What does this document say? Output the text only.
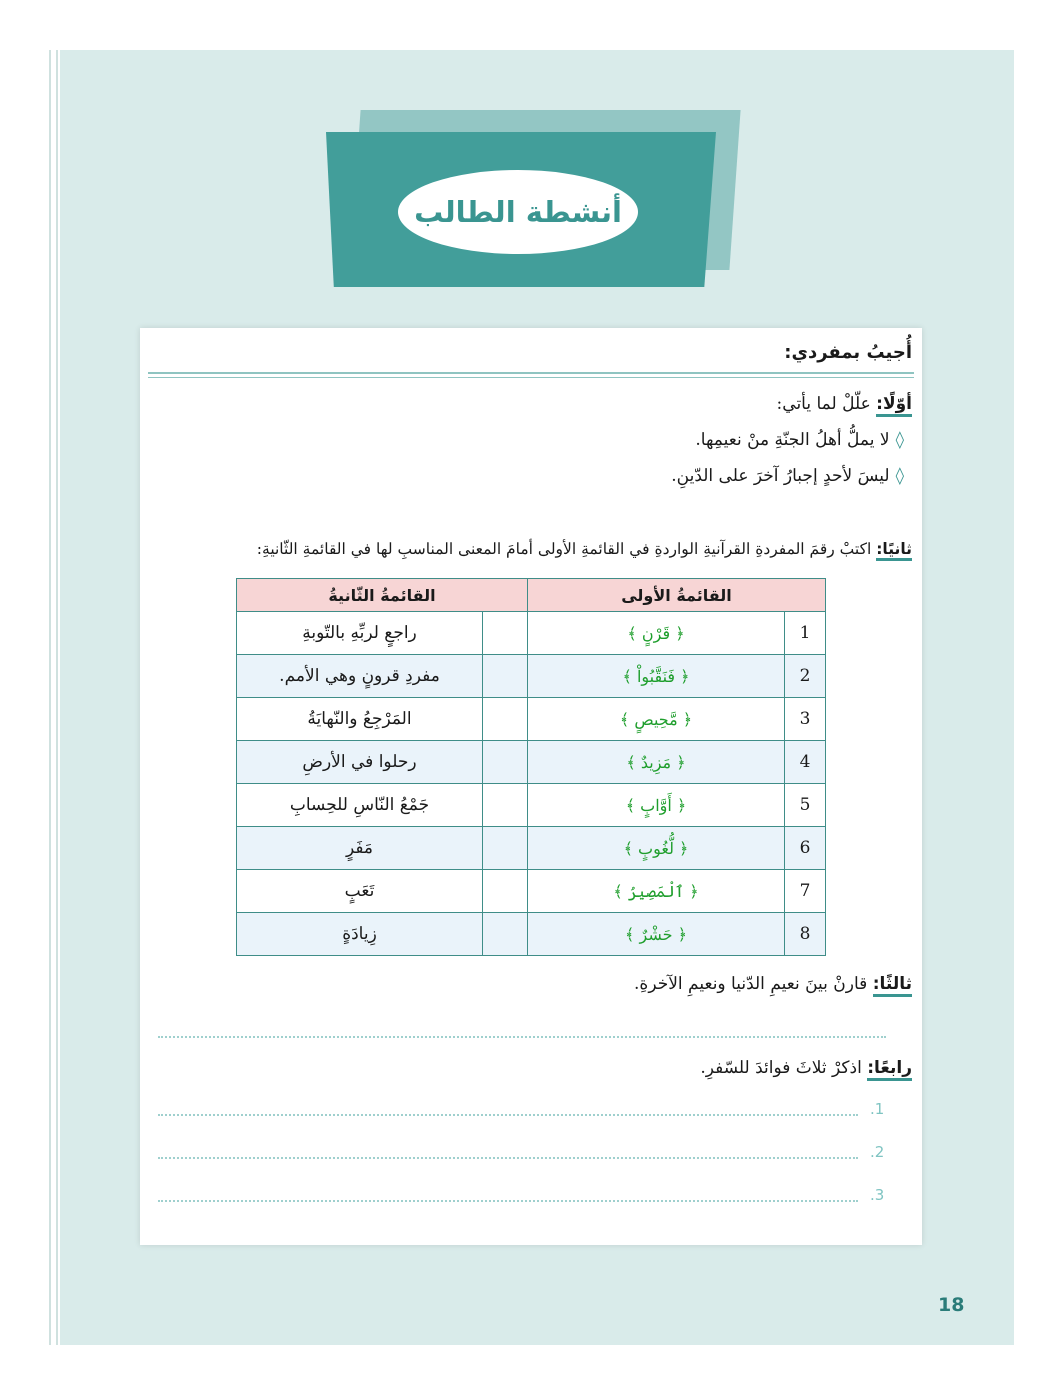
أنشطة الطالب
أُجيبُ بمفردي:
أوّلًا: علّلْ لما يأتي:
◊لا يملُّ أهلُ الجنّةِ منْ نعيمِها.
◊ليسَ لأحدٍ إجبارُ آخرَ على الدّينِ.
ثانيًا: اكتبْ رقمَ المفردةِ القرآنيةِ الواردةِ في القائمةِ الأولى أمامَ المعنى المناسبِ لها في القائمةِ الثّانيةِ:
القائمةُ الأولى		القائمةُ الثّانيةُ	
1	﴿ قَرْنٍ ﴾		راجعٍ لربِّهِ بالتّوبةِ
2	﴿ فَنَقَّبُواْ ﴾		مفردِ قرونٍ وهي الأمم.
3	﴿ مَّحِيصٍ ﴾		المَرْجِعُ والنّهايَةُ
4	﴿ مَزِيدٌ ﴾		رحلوا في الأرضِ
5	﴿ أَوَّابٍ ﴾		جَمْعُ النّاسِ للحِسابِ
6	﴿ لُّغُوبٍ ﴾		مَفَرٍ
7	﴿ ٱلْمَصِيرُ ﴾		تَعَبٍ
8	﴿ حَشْرٌ ﴾		زِيادَةٍ
ثالثًا: قارنْ بينَ نعيمِ الدّنيا ونعيمِ الآخرةِ.
رابعًا: اذكرْ ثلاثَ فوائدَ للسّفرِ.
.1
.2
.3
18
